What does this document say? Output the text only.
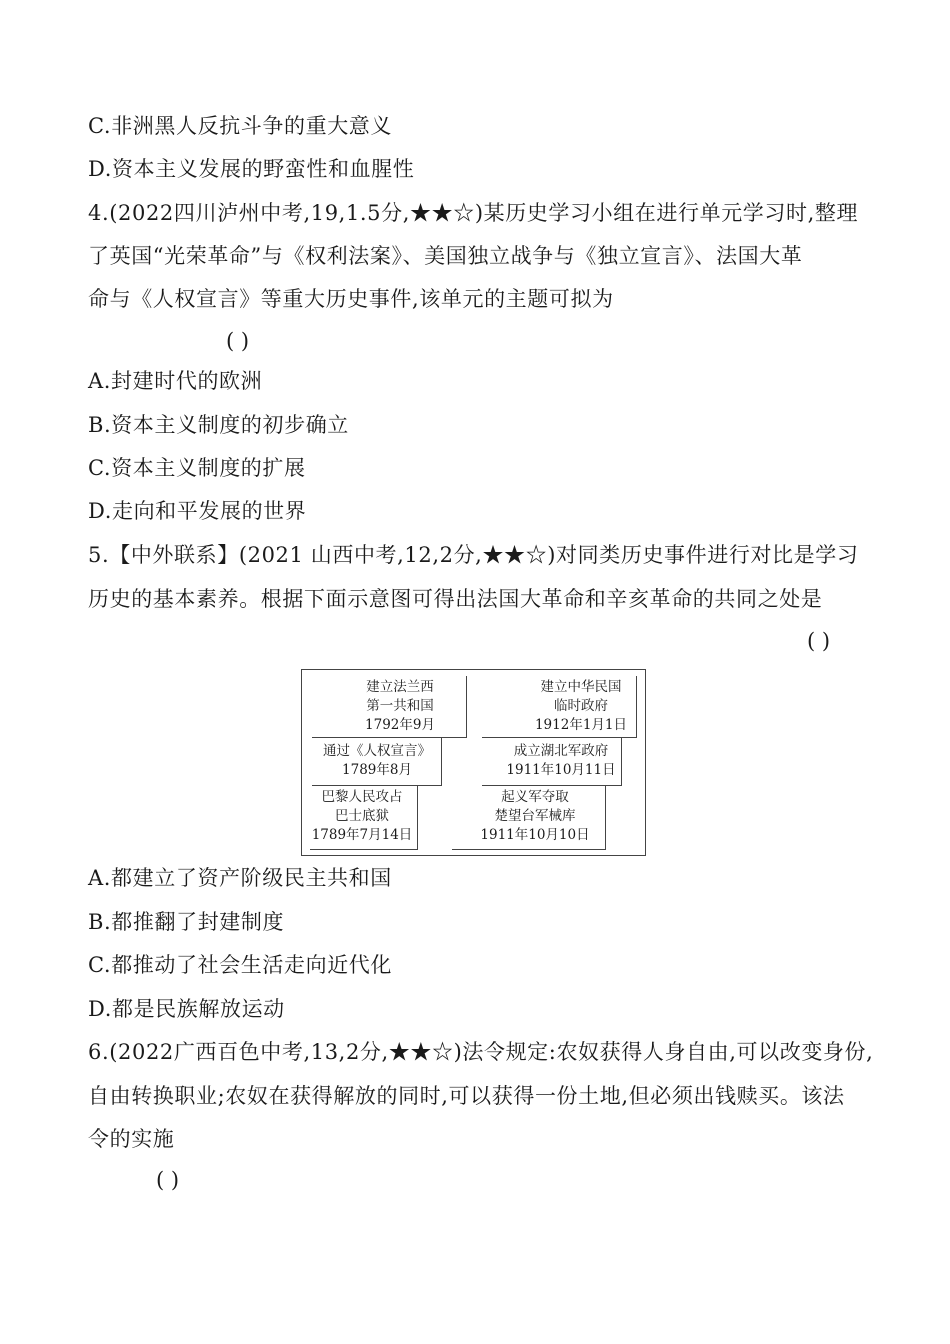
C.非洲黑人反抗斗争的重大意义
D.资本主义发展的野蛮性和血腥性
4.(2022四川泸州中考,19,1.5分,★★☆)某历史学习小组在进行单元学习时,整理
了英国“光荣革命”与《权利法案》、美国独立战争与《独立宣言》、法国大革
命与《人权宣言》等重大历史事件,该单元的主题可拟为
( )
A.封建时代的欧洲
B.资本主义制度的初步确立
C.资本主义制度的扩展
D.走向和平发展的世界
5.【中外联系】(2021 山西中考,12,2分,★★☆)对同类历史事件进行对比是学习
历史的基本素养。根据下面示意图可得出法国大革命和辛亥革命的共同之处是
( )
建立法兰西
第一共和国
1792年9月
通过《人权宣言》
1789年8月
巴黎人民攻占
巴士底狱
1789年7月14日
建立中华民国
临时政府
1912年1月1日
成立湖北军政府
1911年10月11日
起义军夺取
楚望台军械库
1911年10月10日
A.都建立了资产阶级民主共和国
B.都推翻了封建制度
C.都推动了社会生活走向近代化
D.都是民族解放运动
6.(2022广西百色中考,13,2分,★★☆)法令规定:农奴获得人身自由,可以改变身份,
自由转换职业;农奴在获得解放的同时,可以获得一份土地,但必须出钱赎买。该法
令的实施
( )
